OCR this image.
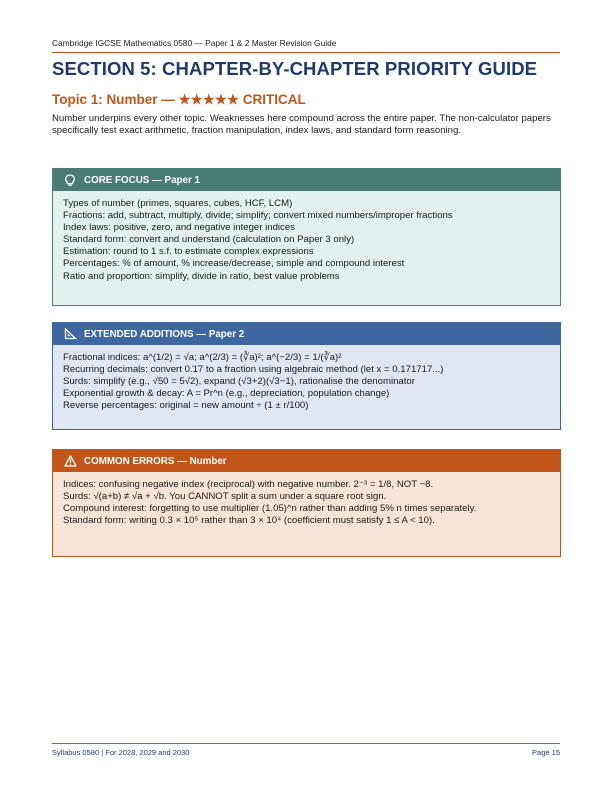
Cambridge IGCSE Mathematics 0580 — Paper 1 & 2 Master Revision Guide
SECTION 5: CHAPTER-BY-CHAPTER PRIORITY GUIDE
Topic 1: Number — ★★★★★ CRITICAL
Number underpins every other topic. Weaknesses here compound across the entire paper. The non-calculator papers specifically test exact arithmetic, fraction manipulation, index laws, and standard form reasoning.
CORE FOCUS — Paper 1
Types of number (primes, squares, cubes, HCF, LCM)
Fractions: add, subtract, multiply, divide; simplify; convert mixed numbers/improper fractions
Index laws: positive, zero, and negative integer indices
Standard form: convert and understand (calculation on Paper 3 only)
Estimation: round to 1 s.f. to estimate complex expressions
Percentages: % of amount, % increase/decrease, simple and compound interest
Ratio and proportion: simplify, divide in ratio, best value problems
EXTENDED ADDITIONS — Paper 2
Fractional indices: a^(1/2) = √a; a^(2/3) = (∛a)²; a^(−2/3) = 1/(∛a)²
Recurring decimals: convert 0.̇1̇7 to a fraction using algebraic method (let x = 0.171717...)
Surds: simplify (e.g., √50 = 5√2), expand (√3+2)(√3−1), rationalise the denominator
Exponential growth & decay: A = Pr^n (e.g., depreciation, population change)
Reverse percentages: original = new amount ÷ (1 ± r/100)
COMMON ERRORS — Number
Indices: confusing negative index (reciprocal) with negative number. 2⁻³ = 1/8, NOT −8.
Surds: √(a+b) ≠ √a + √b. You CANNOT split a sum under a square root sign.
Compound interest: forgetting to use multiplier (1.05)^n rather than adding 5% n times separately.
Standard form: writing 0.3 × 10⁵ rather than 3 × 10⁴ (coefficient must satisfy 1 ≤ A < 10).
Syllabus 0580 | For 2028, 2029 and 2030	Page 15
